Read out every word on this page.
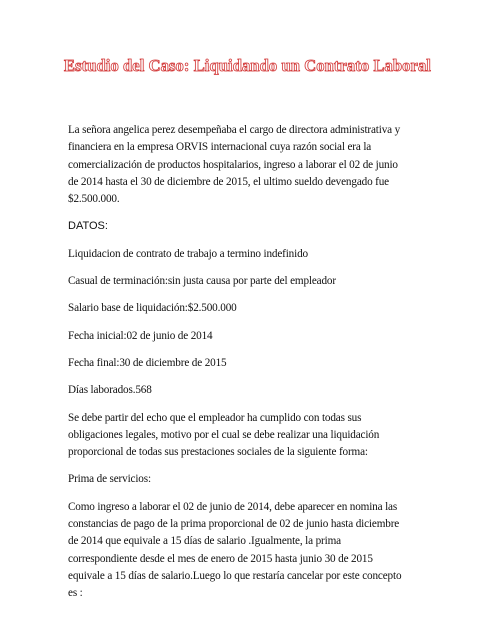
Estudio del Caso: Liquidando un Contrato Laboral
La señora angelica perez desempeñaba el cargo de directora administrativa y
financiera en la empresa ORVIS internacional cuya razón social era la
comercialización de productos hospitalarios, ingreso a laborar el 02 de junio
de 2014 hasta el 30 de diciembre de 2015, el ultimo sueldo devengado fue
$2.500.000.
DATOS:
Liquidacion de contrato de trabajo a termino indefinido
Casual de terminación:sin justa causa por parte del empleador
Salario base de liquidación:$2.500.000
Fecha inicial:02 de junio de 2014
Fecha final:30 de diciembre de 2015
Días laborados.568
Se debe partir del echo que el empleador ha cumplido con todas sus
obligaciones legales, motivo por el cual se debe realizar una liquidación
proporcional de todas sus prestaciones sociales de la siguiente forma:
Prima de servicios:
Como ingreso a laborar el 02 de junio de 2014, debe aparecer en nomina las
constancias de pago de la prima proporcional de 02 de junio hasta diciembre
de 2014 que equivale a 15 días de salario .Igualmente, la prima
correspondiente desde el mes de enero de 2015 hasta junio 30 de 2015
equivale a 15 días de salario.Luego lo que restaría cancelar por este concepto
es :
